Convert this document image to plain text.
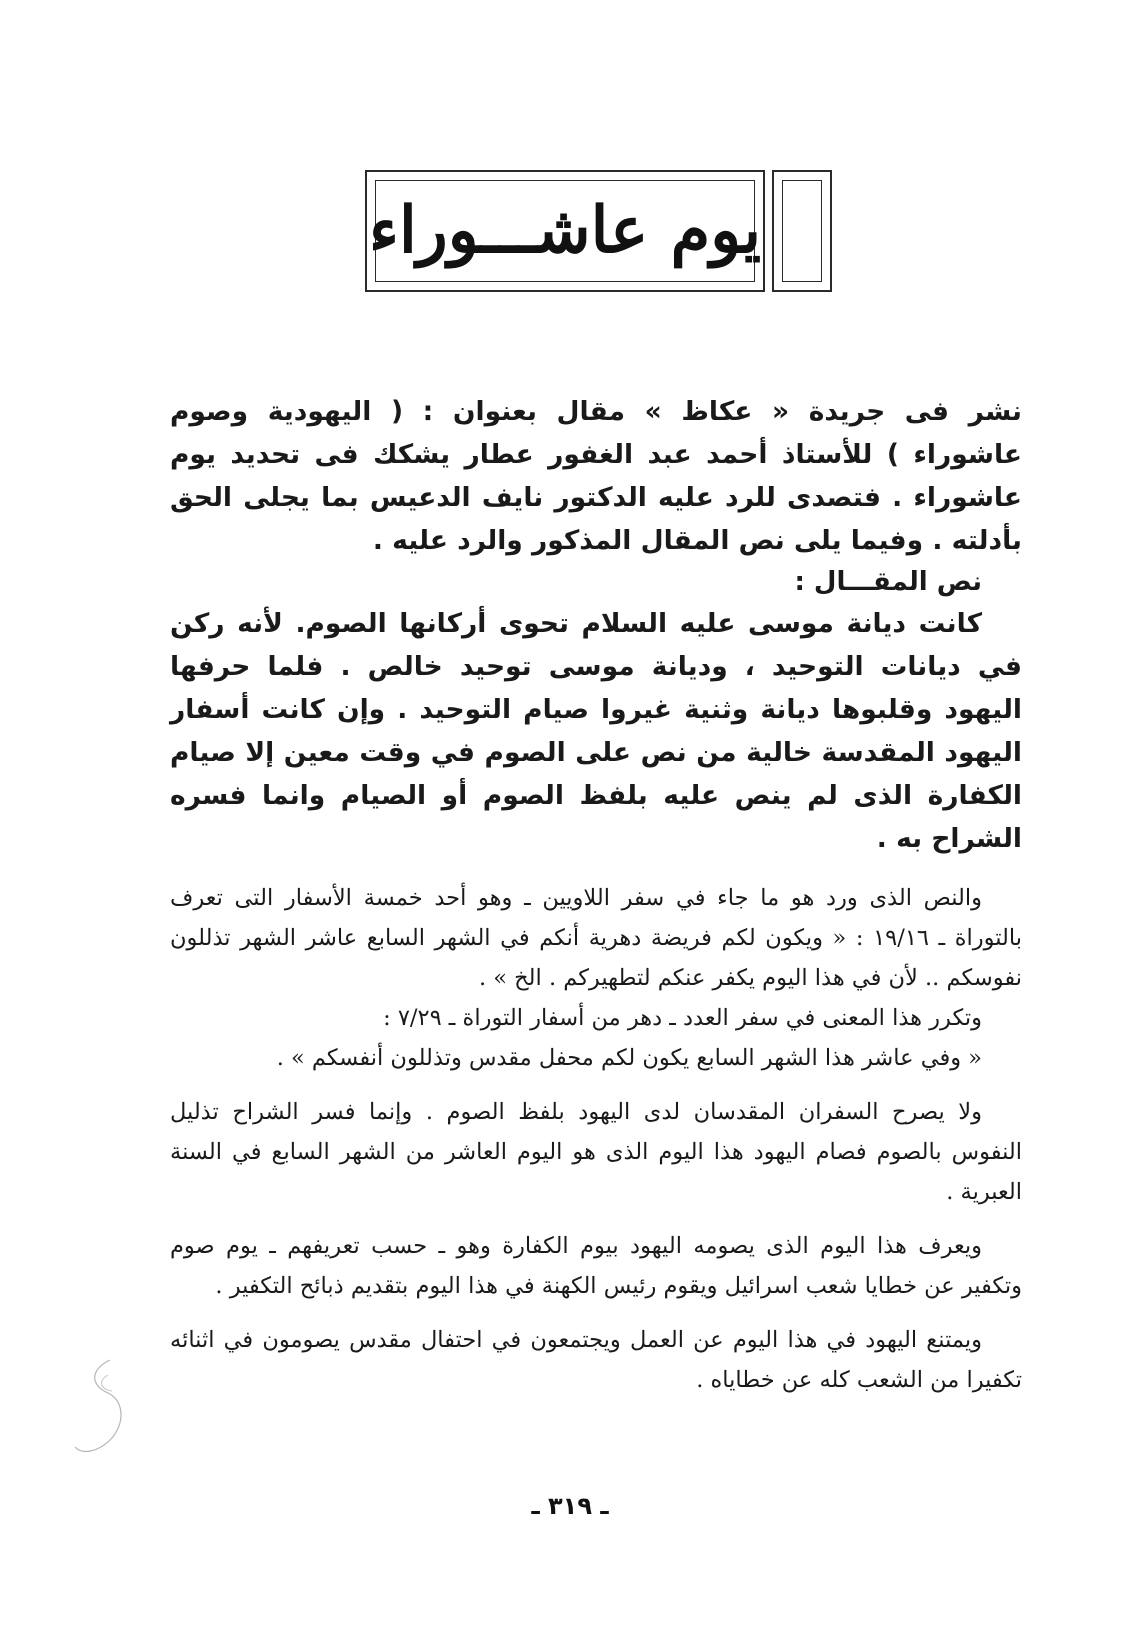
يوم عاشـــوراء

نشر فى جريدة « عكاظ » مقال بعنوان : ( اليهودية وصوم عاشوراء ) للأستاذ أحمد عبد الغفور عطار يشكك فى تحديد يوم عاشوراء . فتصدى للرد عليه الدكتور نايف الدعيس بما يجلى الحق بأدلته . وفيما يلى نص المقال المذكور والرد عليه .

نص المقـــال :

كانت ديانة موسى عليه السلام تحوى أركانها الصوم. لأنه ركن في ديانات التوحيد ، وديانة موسى توحيد خالص . فلما حرفها اليهود وقلبوها ديانة وثنية غيروا صيام التوحيد . وإن كانت أسفار اليهود المقدسة خالية من نص على الصوم في وقت معين إلا صيام الكفارة الذى لم ينص عليه بلفظ الصوم أو الصيام وانما فسره الشراح به .

والنص الذى ورد هو ما جاء في سفر اللاويين ـ وهو أحد خمسة الأسفار التى تعرف بالتوراة ـ ١٩/١٦ : « ويكون لكم فريضة دهرية أنكم في الشهر السابع عاشر الشهر تذللون نفوسكم .. لأن في هذا اليوم يكفر عنكم لتطهيركم . الخ » .

وتكرر هذا المعنى في سفر العدد ـ دهر من أسفار التوراة ـ ٧/٢٩ :

« وفي عاشر هذا الشهر السابع يكون لكم محفل مقدس وتذللون أنفسكم » .

ولا يصرح السفران المقدسان لدى اليهود بلفظ الصوم . وإنما فسر الشراح تذليل النفوس بالصوم فصام اليهود هذا اليوم الذى هو اليوم العاشر من الشهر السابع في السنة العبرية .

ويعرف هذا اليوم الذى يصومه اليهود بيوم الكفارة وهو ـ حسب تعريفهم ـ يوم صوم وتكفير عن خطايا شعب اسرائيل ويقوم رئيس الكهنة في هذا اليوم بتقديم ذبائح التكفير .

ويمتنع اليهود في هذا اليوم عن العمل ويجتمعون في احتفال مقدس يصومون في اثنائه تكفيرا من الشعب كله عن خطاياه .

ـ ٣١٩ ـ
